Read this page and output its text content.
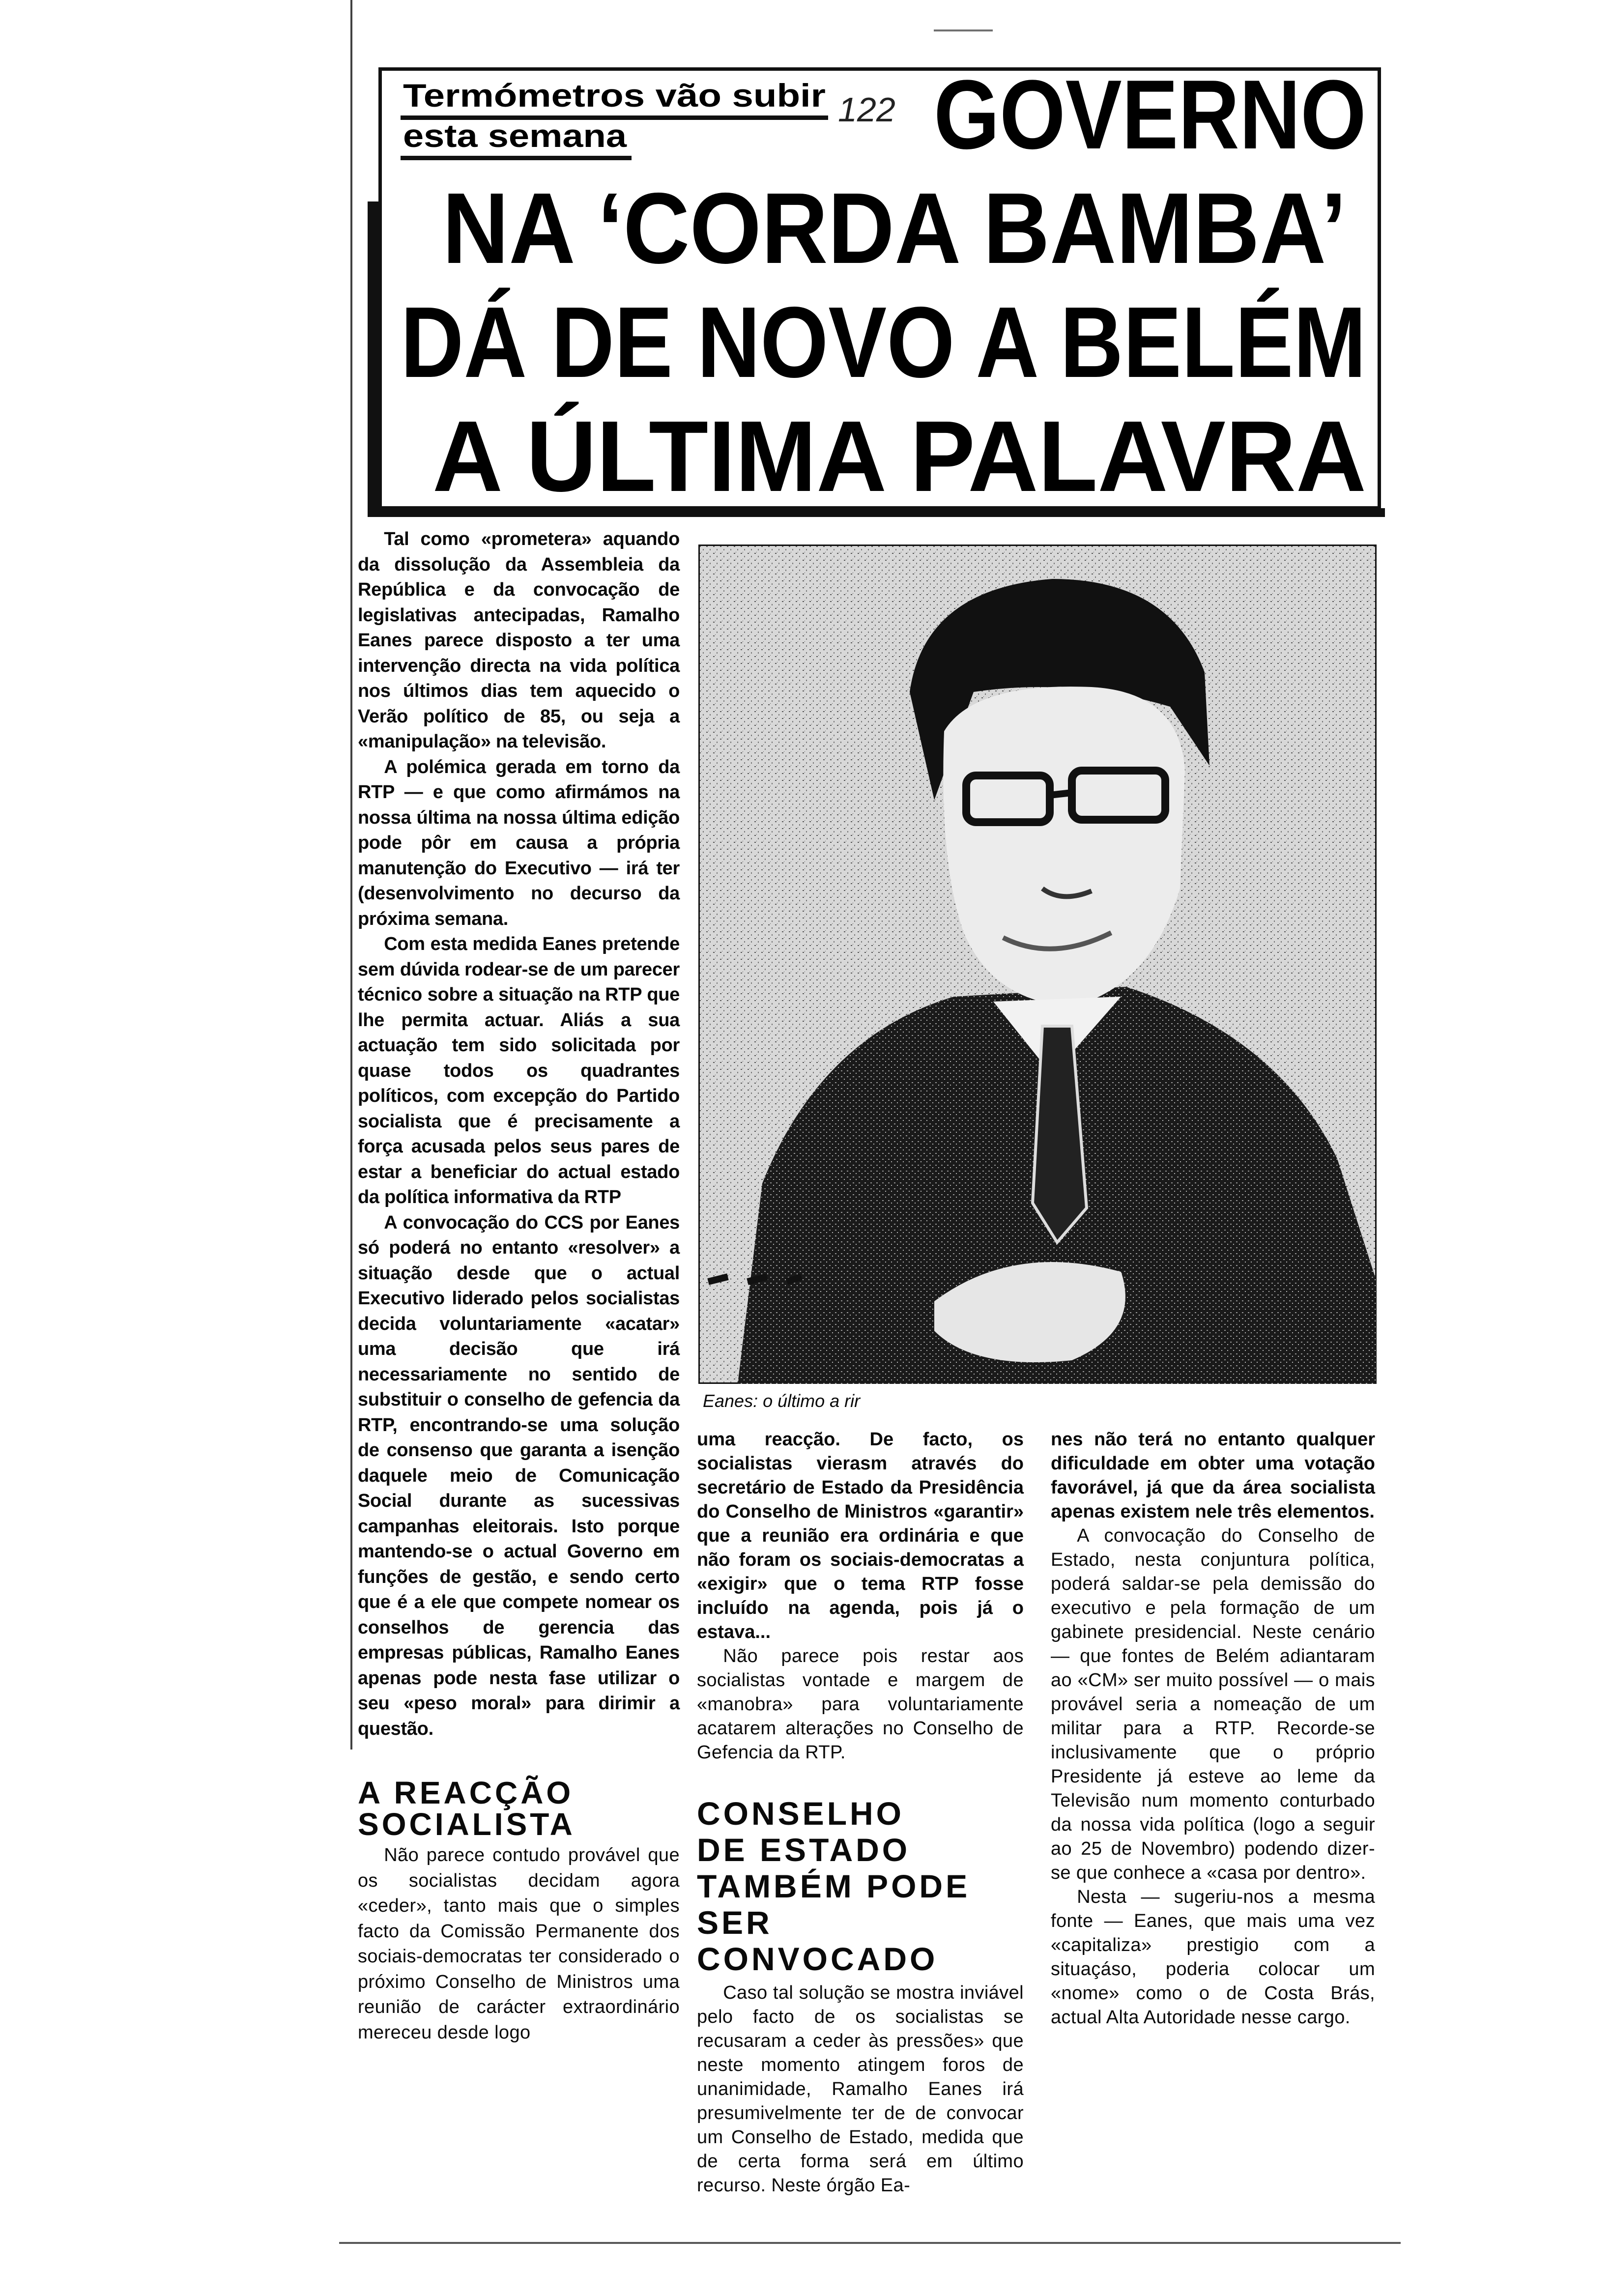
Termómetros vão subir
esta semana
122 GOVERNO
NA ‘CORDA BAMBA’
DÁ DE NOVO A BELÉM
A ÚLTIMA PALAVRA
Eanes: o último a rir

Tal como «prometera» aquando da dissolução da Assembleia da República e da convocação de legislativas antecipadas, Ramalho Eanes parece disposto a ter uma intervenção directa na vida política nos últimos dias tem aquecido o Verão político de 85, ou seja a «manipulação» na televisão.

A polémica gerada em torno da RTP — e que como afirmámos na nossa última na nossa última edição pode pôr em causa a própria manutenção do Executivo — irá ter (desenvolvimento no decurso da próxima semana.

Com esta medida Eanes pretende sem dúvida rodear-se de um parecer técnico sobre a situação na RTP que lhe permita actuar. Aliás a sua actuação tem sido solicitada por quase todos os quadrantes políticos, com excepção do Partido socialista que é precisamente a força acusada pelos seus pares de estar a beneficiar do actual estado da política informativa da RTP

A convocação do CCS por Eanes só poderá no entanto «resolver» a situação desde que o actual Executivo liderado pelos socialistas decida voluntariamente «acatar» uma decisão que irá necessariamente no sentido de substituir o conselho de gefencia da RTP, encontrando-se uma solução de consenso que garanta a isenção daquele meio de Comunicação Social durante as sucessivas campanhas eleitorais. Isto porque mantendo-se o actual Governo em funções de gestão, e sendo certo que é a ele que compete nomear os conselhos de gerencia das empresas públicas, Ramalho Eanes apenas pode nesta fase utilizar o seu «peso moral» para dirimir a questão.

A REACÇÃO SOCIALISTA

Não parece contudo provável que os socialistas decidam agora «ceder», tanto mais que o simples facto da Comissão Permanente dos sociais-democratas ter considerado o próximo Conselho de Ministros uma reunião de carácter extraordinário mereceu desde logo

uma reacção. De facto, os socialistas vierasm através do secretário de Estado da Presidência do Conselho de Ministros «garantir» que a reunião era ordinária e que não foram os sociais-democratas a «exigir» que o tema RTP fosse incluído na agenda, pois já o estava...

Não parece pois restar aos socialistas vontade e margem de «manobra» para voluntariamente acatarem alterações no Conselho de Gefencia da RTP.

CONSELHO
DE ESTADO
TAMBÉM PODE
SER CONVOCADO

Caso tal solução se mostra inviável pelo facto de os socialistas se recusaram a ceder às pressões» que neste momento atingem foros de unanimidade, Ramalho Eanes irá presumivelmente ter de de convocar um Conselho de Estado, medida que de certa forma será em último recurso. Neste órgão Ea-

nes não terá no entanto qualquer dificuldade em obter uma votação favorável, já que da área socialista apenas existem nele três elementos.

A convocação do Conselho de Estado, nesta conjuntura política, poderá saldar-se pela demissão do executivo e pela formação de um gabinete presidencial. Neste cenário — que fontes de Belém adiantaram ao «CM» ser muito possível — o mais provável seria a nomeação de um militar para a RTP. Recorde-se inclusivamente que o próprio Presidente já esteve ao leme da Televisão num momento conturbado da nossa vida política (logo a seguir ao 25 de Novembro) podendo dizer-se que conhece a «casa por dentro».

Nesta — sugeriu-nos a mesma fonte — Eanes, que mais uma vez «capitaliza» prestigio com a situaçáso, poderia colocar um «nome» como o de Costa Brás, actual Alta Autoridade nesse cargo.
